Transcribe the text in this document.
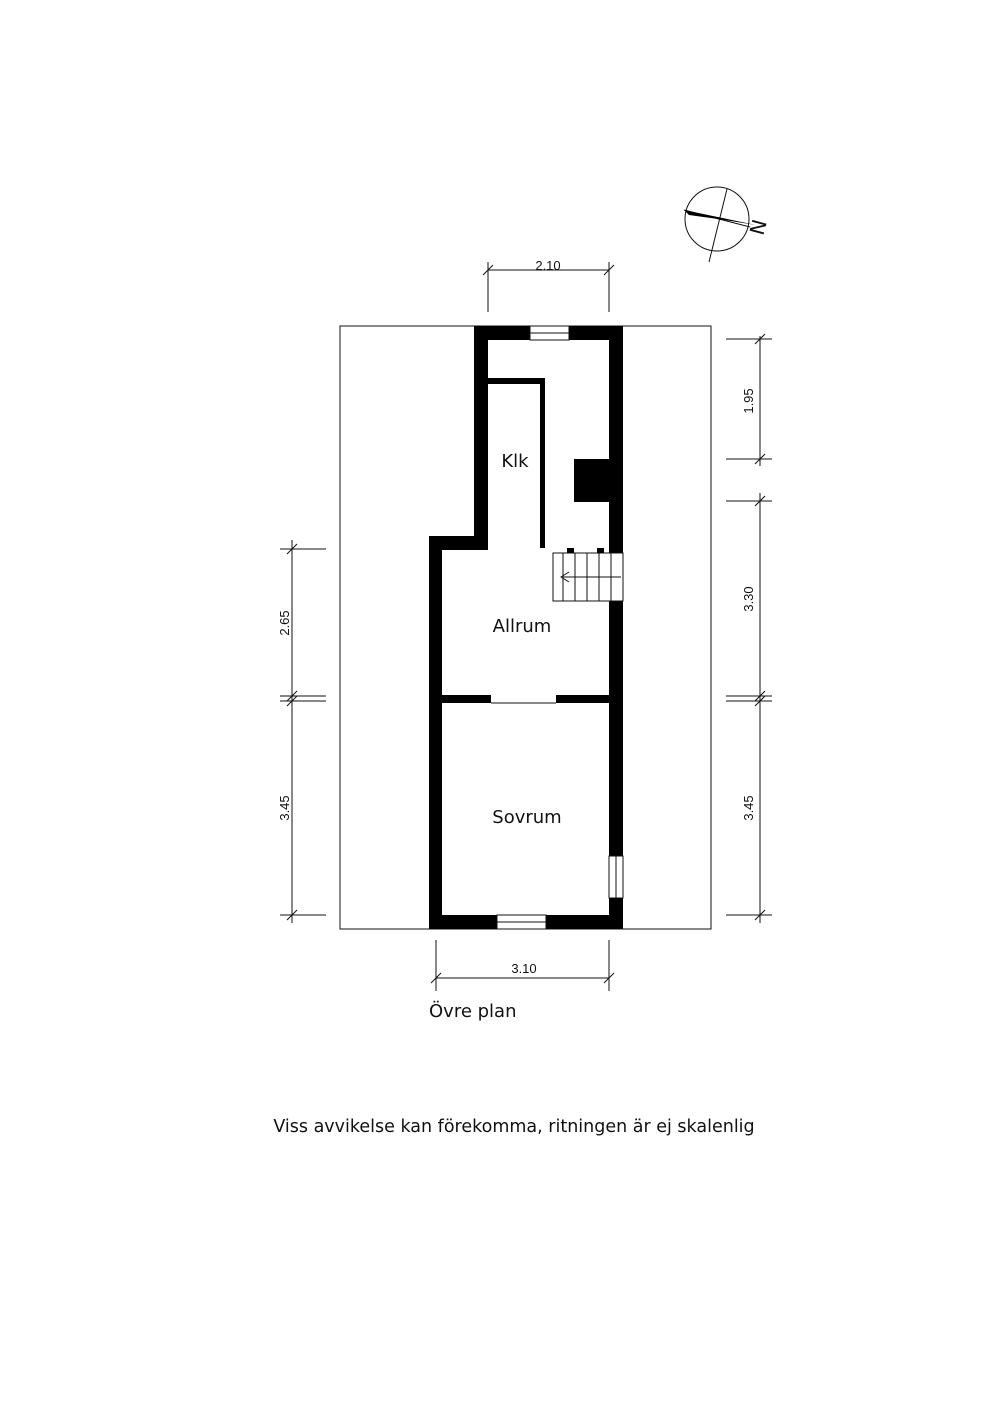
Klk
Allrum
Sovrum
2.10
3.10
1.95
3.30
3.45
2.65
3.45
N
Övre plan
Viss avvikelse kan förekomma, ritningen är ej skalenlig
